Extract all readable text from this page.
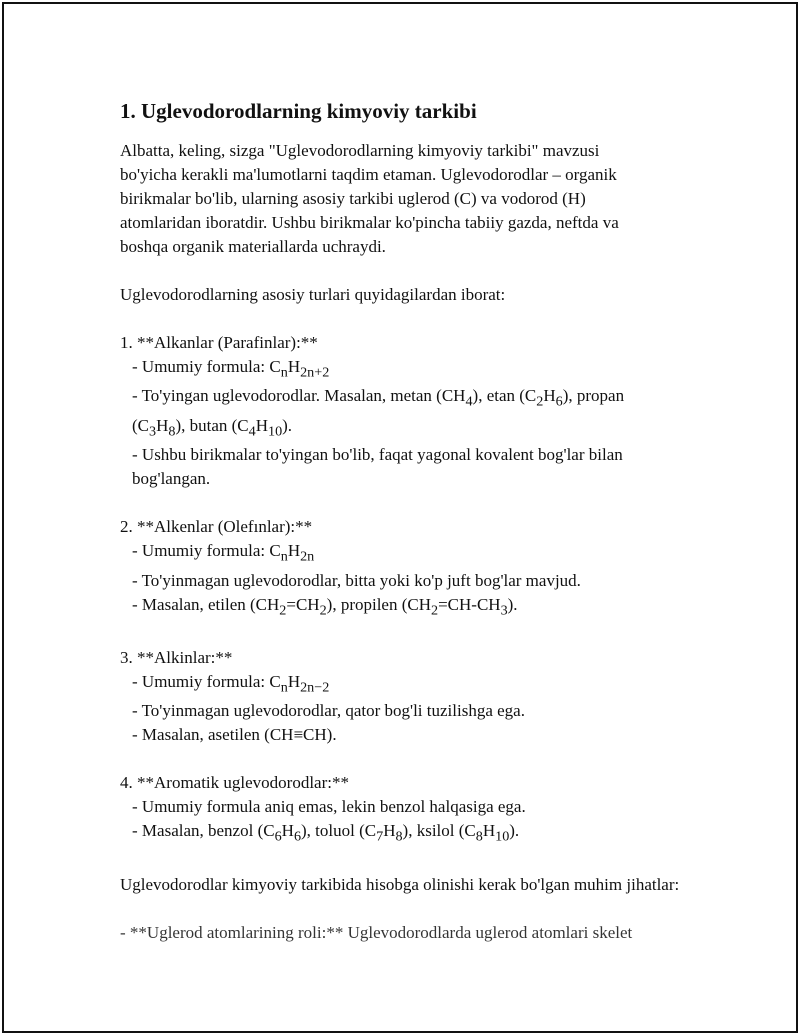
1. Uglevodorodlarning kimyoviy tarkibi

Albatta, keling, sizga "Uglevodorodlarning kimyoviy tarkibi" mavzusi
bo'yicha kerakli ma'lumotlarni taqdim etaman. Uglevodorodlar – organik
birikmalar bo'lib, ularning asosiy tarkibi uglerod (C) va vodorod (H)
atomlaridan iboratdir. Ushbu birikmalar ko'pincha tabiiy gazda, neftda va
boshqa organik materiallarda uchraydi.

Uglevodorodlarning asosiy turlari quyidagilardan iborat:

1. **Alkanlar (Parafinlar):**
- Umumiy formula: $C_nH_{2n+2}$
- To'yingan uglevodorodlar. Masalan, metan $(CH_4)$, etan $(C_2H_6)$, propan $(C_3H_8)$, butan $(C_4H_{10})$.
- Ushbu birikmalar to'yingan bo'lib, faqat yagonal kovalent bog'lar bilan bog'langan.
2. **Alkenlar (Olefınlar):**
- Umumiy formula: $C_nH_{2n}$
- To'yinmagan uglevodorodlar, bitta yoki ko'p juft bog'lar mavjud.
- Masalan, etilen $(CH_2=CH_2)$, propilen $(CH_2=CH-CH_3)$.
3. **Alkinlar:**
- Umumiy formula: $C_nH_{2n-2}$
- To'yinmagan uglevodorodlar, qator bog'li tuzilishga ega.
- Masalan, asetilen (CH≡CH).
4. **Aromatik uglevodorodlar:**
- Umumiy formula aniq emas, lekin benzol halqasiga ega.
- Masalan, benzol $(C_6H_6)$, toluol $(C_7H_8)$, ksilol $(C_8H_{10})$.

Uglevodorodlar kimyoviy tarkibida hisobga olinishi kerak bo'lgan muhim jihatlar:

- **Uglerod atomlarining roli:** Uglevodorodlarda uglerod atomlari skelet
